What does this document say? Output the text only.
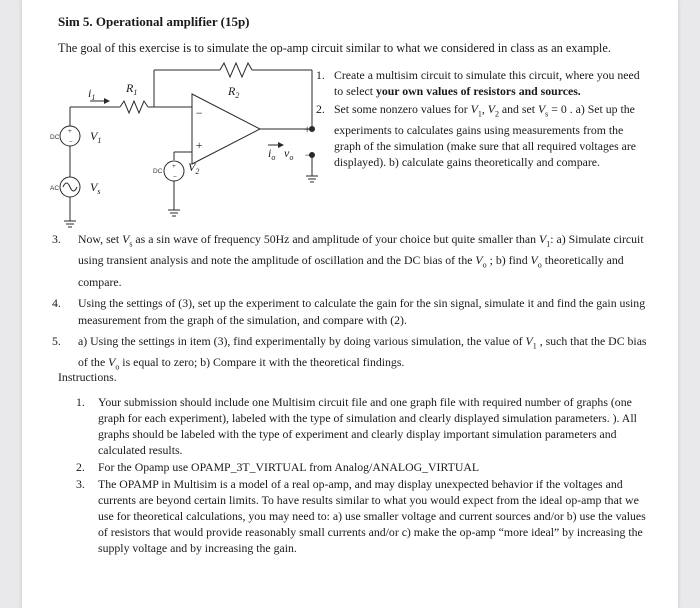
Sim 5. Operational amplifier (15p)
The goal of this exercise is to simulate the op-amp circuit similar to what we considered in class as an example.
+
−
+
−
$R_1$	$R_2$
$i_1$
$V_1$
$V_2$
$V_s$
$i_o$ $v_o$
−
+
+
−
DC
DC
AC
1. Create a multisim circuit to simulate this circuit, where you need to select your own values of resistors and sources.
2. Set some nonzero values for $V_1$, $V_2$ and set $V_s = 0$ . a) Set up the experiments to calculates gains using measurements from the graph of the simulation (make sure that all required voltages are displayed). b) calculate gains theoretically and compare.
3. Now, set $V_s$ as a sin wave of frequency 50Hz and amplitude of your choice but quite smaller than $V_1$: a) Simulate circuit using transient analysis and note the amplitude of oscillation and the DC bias of the $V_o$ ; b) find $V_o$ theoretically and compare.
4. Using the settings of (3), set up the experiment to calculate the gain for the sin signal, simulate it and find the gain using measurement from the graph of the simulation, and compare with (2).
5. a) Using the settings in item (3), find experimentally by doing various simulation, the value of $V_1$ , such that the DC bias of the $V_o$ is equal to zero; b) Compare it with the theoretical findings.
Instructions.
1. Your submission should include one Multisim circuit file and one graph file with required number of graphs (one graph for each experiment), labeled with the type of simulation and clearly displayed simulation parameters. ). All graphs should be labeled with the type of experiment and clearly display important simulation parameters and calculated results.
2. For the Opamp use OPAMP_3T_VIRTUAL from Analog/ANALOG_VIRTUAL
3. The OPAMP in Multisim is a model of a real op-amp, and may display unexpected behavior if the voltages and currents are beyond certain limits. To have results similar to what you would expect from the ideal op-amp that we use for theoretical calculations, you may need to: a) use smaller voltage and current sources and/or b) use the values of resistors that would provide reasonably small currents and/or c) make the op-amp “more ideal” by increasing the supply voltage and by increasing the gain.
